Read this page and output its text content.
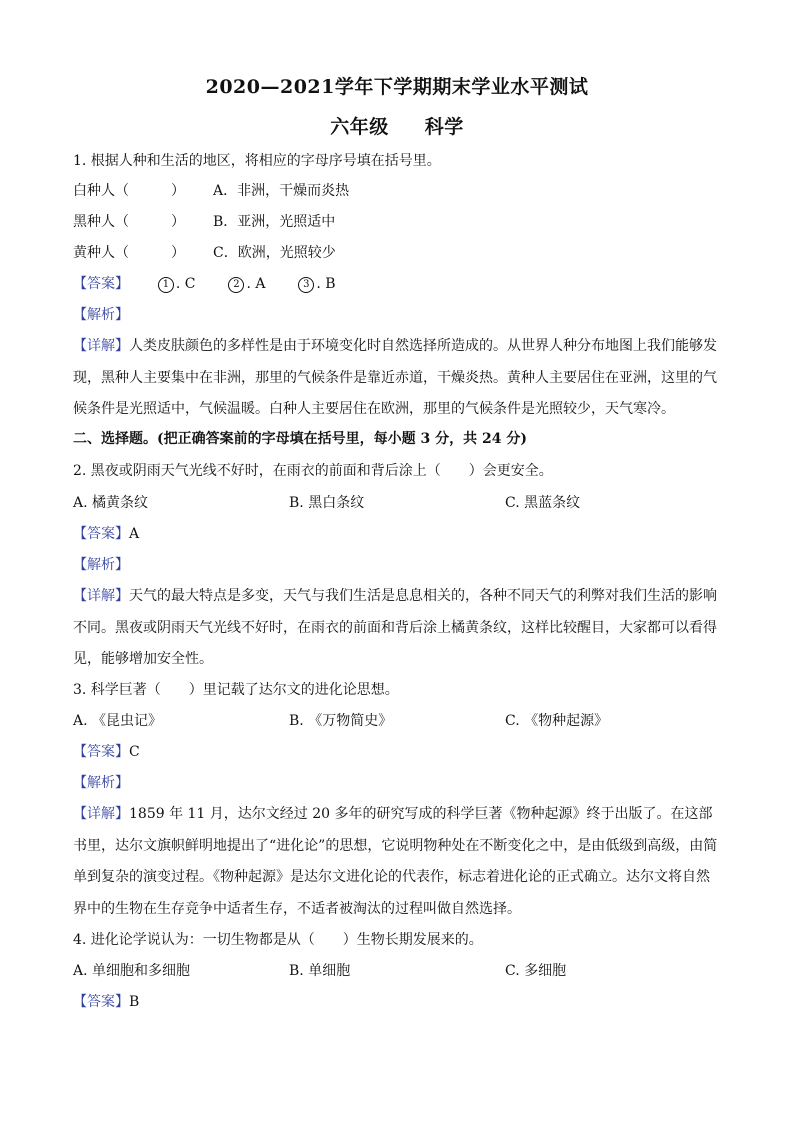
2020—2021学年下学期期末学业水平测试
六年级 科学
1. 根据人种和生活的地区，将相应的字母序号填在括号里。
白种人（　　　） A．非洲，干燥而炎热
黑种人（　　　） B．亚洲，光照适中
黄种人（　　　） C．欧洲，光照较少
【答案】	1 . C	2 . A	3 . B
【解析】
【详解】人类皮肤颜色的多样性是由于环境变化时自然选择所造成的。从世界人种分布地图上我们能够发现，黑种人主要集中在非洲，那里的气候条件是靠近赤道，干燥炎热。黄种人主要居住在亚洲，这里的气候条件是光照适中，气候温暖。白种人主要居住在欧洲，那里的气候条件是光照较少，天气寒冷。
二、选择题。(把正确答案前的字母填在括号里，每小题 3 分，共 24 分)
2. 黑夜或阴雨天气光线不好时，在雨衣的前面和背后涂上（　　）会更安全。
A. 橘黄条纹	B. 黑白条纹	C. 黑蓝条纹
【答案】A
【解析】
【详解】天气的最大特点是多变，天气与我们生活是息息相关的，各种不同天气的利弊对我们生活的影响不同。黑夜或阴雨天气光线不好时，在雨衣的前面和背后涂上橘黄条纹，这样比较醒目，大家都可以看得见，能够增加安全性。
3. 科学巨著（　　）里记载了达尔文的进化论思想。
A. 《昆虫记》	B. 《万物简史》	C. 《物种起源》
【答案】C
【解析】
【详解】1859 年 11 月，达尔文经过 20 多年的研究写成的科学巨著《物种起源》终于出版了。在这部书里，达尔文旗帜鲜明地提出了“进化论”的思想，它说明物种处在不断变化之中，是由低级到高级，由简单到复杂的演变过程。《物种起源》是达尔文进化论的代表作，标志着进化论的正式确立。达尔文将自然界中的生物在生存竞争中适者生存，不适者被淘汰的过程叫做自然选择。
4. 进化论学说认为：一切生物都是从（　　）生物长期发展来的。
A. 单细胞和多细胞	B. 单细胞	C. 多细胞
【答案】B
